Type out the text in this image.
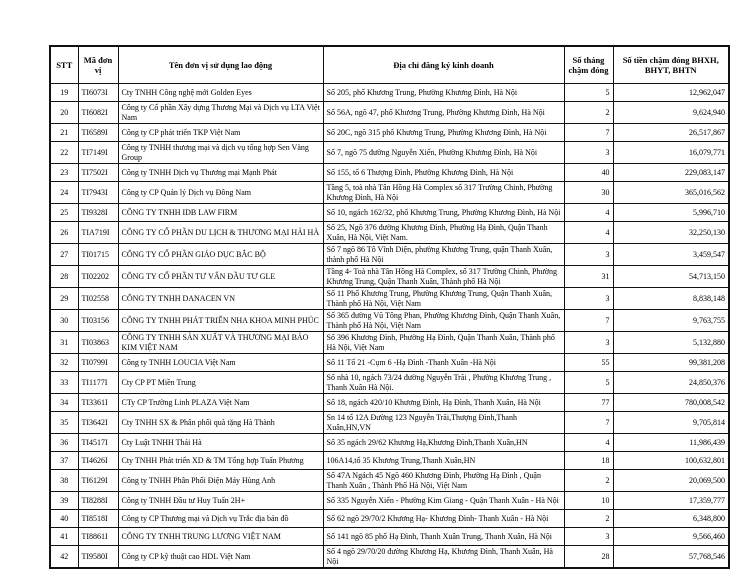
STT	Mã đơn vị	Tên đơn vị sử dụng lao động	Địa chỉ đăng ký kinh doanh	Số tháng chậm đóng	Số tiền chậm đóng BHXH, BHYT, BHTN
19	TI6073I	Cty TNHH Công nghệ mới Golden Eyes	Số 205, phố Khương Trung, Phường Khương Đình, Hà Nội	5	12,962,047
20	TI6082I	Công ty Cổ phần Xây dựng Thương Mại và Dịch vụ LTA Việt Nam	Số 56A, ngõ 47, phố Khương Trung, Phường Khương Đình, Hà Nội	2	9,624,940
21	TI6589I	Công ty CP phát triển TKP Việt Nam	Số 20C, ngõ 315 phố Khương Trung, Phường Khương Đình, Hà Nội	7	26,517,867
22	TI7149I	Công ty TNHH thương mại và dịch vụ tổng hợp Sen Vàng Group	Số 7, ngõ 75 đường Nguyễn Xiển, Phường Khương Đình, Hà Nội	3	16,079,771
23	TI7502I	Công ty TNHH Dịch vụ Thương mại Mạnh Phát	Số 155, tổ 6 Thượng Đình, Phường Khương Đình, Hà Nội	40	229,083,147
24	TI7943I	Công ty CP Quản lý Dịch vụ Đông Nam	Tầng 5, toà nhà Tân Hồng Hà Complex số 317 Trường Chinh, Phường Khương Đình, Hà Nội	30	365,016,562
25	TI9328I	CÔNG TY TNHH IDB LAW FIRM	Số 10, ngách 162/32, phố Khương Trung, Phường Khương Đình, Hà Nội	4	5,996,710
26	TIA719I	CÔNG TY CỔ PHẦN DU LỊCH & THƯƠNG MẠI HẢI HÀ	Số 25, Ngõ 376 đường Khương Đình, Phường Hạ Đình, Quận Thanh Xuân, Hà Nội, Việt Nam.	4	32,250,130
27	TI01715	CÔNG TY CỔ PHẦN GIÁO DỤC BẮC BỘ	Số 7 ngõ 86 Tô Vĩnh Diện, phường Khương Trung, quận Thanh Xuân, thành phố Hà Nội	3	3,459,547
28	TI02202	CÔNG TY CỔ PHẦN TƯ VẤN ĐẦU TƯ GLE	Tầng 4- Toà nhà Tân Hồng Hà Complex, số 317 Trường Chinh, Phường Khương Trung, Quận Thanh Xuân, Thành phố Hà Nội	31	54,713,150
29	TI02558	CÔNG TY TNHH DANACEN VN	Số 11 Phố Khương Trung, Phường Khương Trung, Quận Thanh Xuân, Thành phố Hà Nội, Việt Nam	3	8,838,148
30	TI03156	CÔNG TY TNHH PHÁT TRIỂN NHA KHOA MINH PHÚC	Số 365 đường Vũ Tông Phan, Phường Khương Đình, Quận Thanh Xuân, Thành phố Hà Nội, Việt Nam	7	9,763,755
31	TI03863	CÔNG TY TNHH SẢN XUẤT VÀ THƯƠNG MẠI BẢO KIM VIỆT NAM	Số 396 Khương Đình, Phường Hạ Đình, Quận Thanh Xuân, Thành phố Hà Nội, Việt Nam	3	5,132,880
32	TI0799I	Công ty TNHH LOUCIA Việt Nam	Số 11 Tổ 21 -Cụm 6 -Hạ Đình -Thanh Xuân -Hà Nội	55	99,381,208
33	TI1177I	Cty CP PT Miền Trung	Số nhà 10, ngách 73/24 đường Nguyễn Trãi , Phường Khương Trung , Thanh Xuân Hà Nội.	5	24,850,376
34	TI3361I	CTy CP Trường Linh PLAZA Việt Nam	Số 18, ngách 420/10 Khương Đình, Hạ Đình, Thanh Xuân, Hà Nội	77	780,008,542
35	TI3642I	Cty TNHH SX & Phân phối quà tặng Hà Thành	Sn 14 tổ 12A Đường 123 Nguyễn Trãi,Thượng Đình,Thanh Xuân,HN,VN	7	9,705,814
36	TI4517I	Cty Luật TNHH Thái Hà	Số 35 ngách 29/62 Khương Hạ,Khương Đình,Thanh Xuân,HN	4	11,986,439
37	TI4626I	Cty TNHH Phát triển XD & TM Tổng hợp Tuấn Phương	106A14,tổ 35 Khương Trung,Thanh Xuân,HN	18	100,632,801
38	TI6129I	Công ty TNHH Phân Phối Điện Máy Hùng Anh	Số 47A Ngách 45 Ngõ 460 Khương Đình, Phường Hạ Đình , Quận Thanh Xuân , Thành Phố Hà Nội, Việt Nam	2	20,069,500
39	TI8288I	Công ty TNHH Đầu tư Huy Tuấn 2H+	Số 335 Nguyễn Xiển - Phường Kim Giang - Quận Thanh Xuân - Hà Nội	10	17,359,777
40	TI8518I	Công ty CP Thương mại và Dịch vụ Trắc địa bản đồ	Số 62 ngõ 29/70/2 Khương Hạ- Khương Đình- Thanh Xuân - Hà Nội	2	6,348,800
41	TI8861I	CÔNG TY TNHH TRUNG LƯƠNG VIỆT NAM	Số 141 ngõ 85 phố Hạ Đình, Thanh Xuân Trung, Thanh Xuân, Hà Nội	3	9,566,460
42	TI9580I	Công ty CP kỹ thuật cao HDL Việt Nam	Số 4 ngõ 29/70/20 đường Khương Hạ, Khương Đình, Thanh Xuân, Hà Nội	28	57,768,546
